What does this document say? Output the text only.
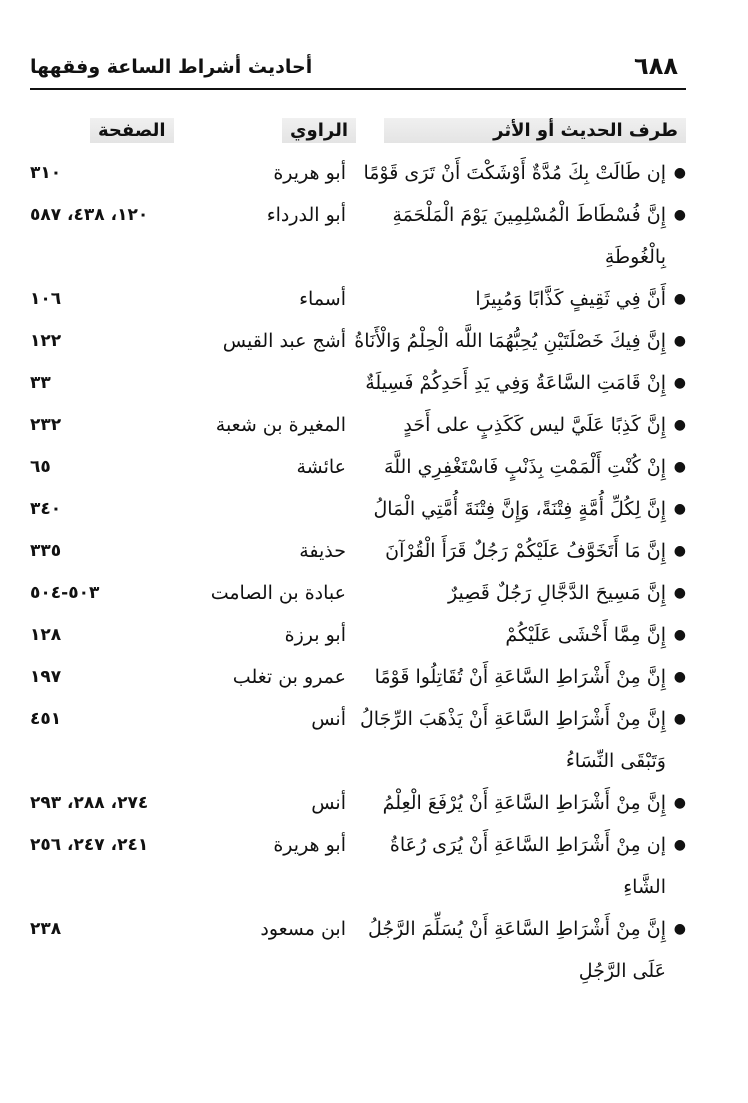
٦٨٨
أحاديث أشراط الساعة وفقهها
طرف الحديث أو الأثر
الراوي
الصفحة
●
إن طَالَتْ بِكَ مُدَّةٌ أَوْشَكْتَ أَنْ تَرَى قَوْمًا
أبو هريرة
٣١٠
●
إِنَّ فُسْطَاطَ الْمُسْلِمِينَ يَوْمَ الْمَلْحَمَةِ بِالْغُوطَةِ
أبو الدرداء
١٢٠، ٤٣٨، ٥٨٧
●
أَنَّ فِي ثَقِيفٍ كَذَّابًا وَمُبِيرًا
أسماء
١٠٦
●
إِنَّ فِيكَ خَصْلَتَيْنِ يُحِبُّهُمَا اللَّه الْحِلْمُ وَالْأَنَاةُ
أشج عبد القيس
١٢٢
●
إِنْ قَامَتِ السَّاعَةُ وَفِي يَدِ أَحَدِكُمْ فَسِيلَةٌ
٣٣
●
إِنَّ كَذِبًا عَلَيَّ ليس كَكَذِبٍ على أَحَدٍ
المغيرة بن شعبة
٢٣٢
●
إِنْ كُنْتِ أَلْمَمْتِ بِذَنْبٍ فَاسْتَغْفِرِي اللَّهَ
عائشة
٦٥
●
إِنَّ لِكُلِّ أُمَّةٍ فِتْنَةً، وَإِنَّ فِتْنَةَ أُمَّتِي الْمَالُ
٣٤٠
●
إِنَّ مَا أَتَخَوَّفُ عَلَيْكُمْ رَجُلٌ قَرَأَ الْقُرْآنَ
حذيفة
٣٣٥
●
إِنَّ مَسِيحَ الدَّجَّالِ رَجُلٌ قَصِيرٌ
عبادة بن الصامت
٥٠٣-٥٠٤
●
إِنَّ مِمَّا أَخْشَى عَلَيْكُمْ
أبو برزة
١٢٨
●
إِنَّ مِنْ أَشْرَاطِ السَّاعَةِ أَنْ تُقَاتِلُوا قَوْمًا
عمرو بن تغلب
١٩٧
●
إِنَّ مِنْ أَشْرَاطِ السَّاعَةِ أَنْ يَذْهَبَ الرِّجَالُ وَتَبْقَى النِّسَاءُ
أنس
٤٥١
●
إِنَّ مِنْ أَشْرَاطِ السَّاعَةِ أَنْ يُرْفَعَ الْعِلْمُ
أنس
٢٧٤، ٢٨٨، ٢٩٣
●
إن مِنْ أَشْرَاطِ السَّاعَةِ أَنْ يُرَى رُعَاةُ الشَّاءِ
أبو هريرة
٢٤١، ٢٤٧، ٢٥٦
●
إِنَّ مِنْ أَشْرَاطِ السَّاعَةِ أَنْ يُسَلِّمَ الرَّجُلُ عَلَى الرَّجُلِ
ابن مسعود
٢٣٨
